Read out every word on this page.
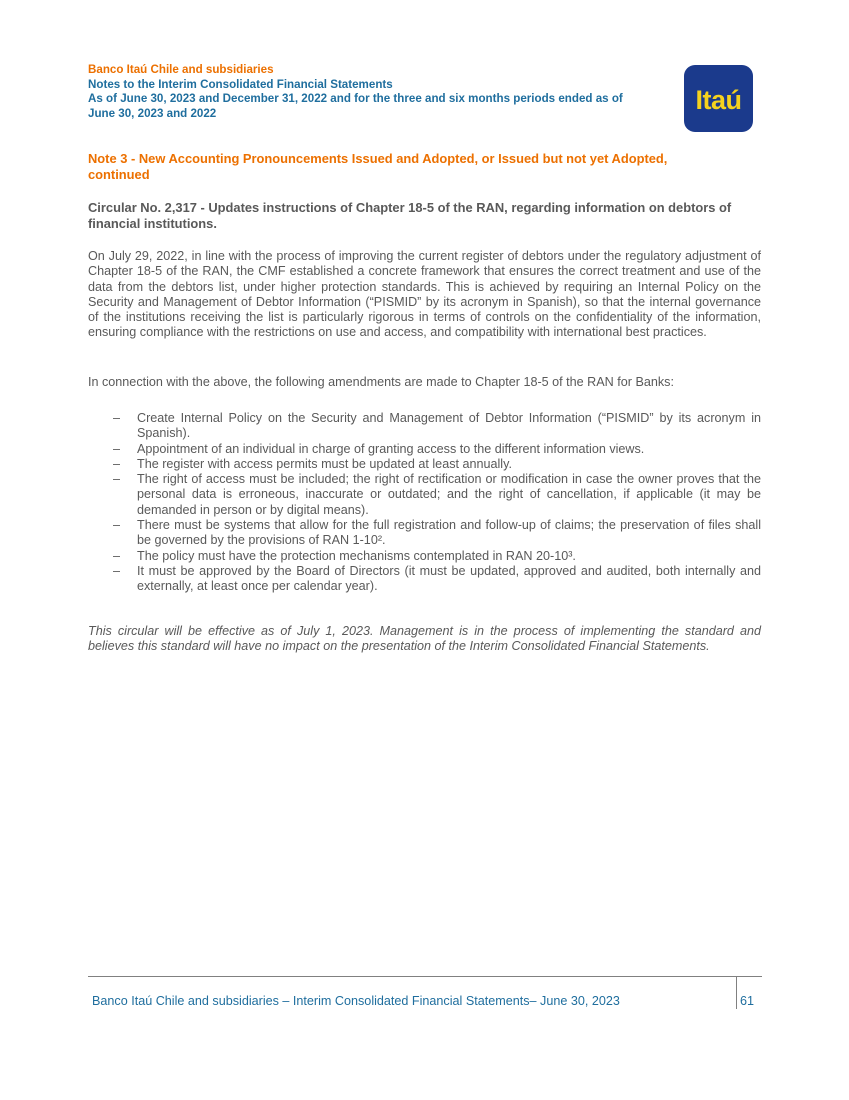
Banco Itaú Chile and subsidiaries
Notes to the Interim Consolidated Financial Statements
As of June 30, 2023 and December 31, 2022 and for the three and six months periods ended as of
June 30, 2023 and 2022	Itaú
Note 3 - New Accounting Pronouncements Issued and Adopted, or Issued but not yet Adopted, continued
Circular No. 2,317 - Updates instructions of Chapter 18-5 of the RAN, regarding information on debtors of financial institutions.

On July 29, 2022, in line with the process of improving the current register of debtors under the regulatory adjustment of Chapter 18-5 of the RAN, the CMF established a concrete framework that ensures the correct treatment and use of the data from the debtors list, under higher protection standards. This is achieved by requiring an Internal Policy on the Security and Management of Debtor Information (“PISMID” by its acronym in Spanish), so that the internal governance of the institutions receiving the list is particularly rigorous in terms of controls on the confidentiality of the information, ensuring compliance with the restrictions on use and access, and compatibility with international best practices.

In connection with the above, the following amendments are made to Chapter 18-5 of the RAN for Banks:

– Create Internal Policy on the Security and Management of Debtor Information (“PISMID” by its acronym in Spanish).
– Appointment of an individual in charge of granting access to the different information views.
– The register with access permits must be updated at least annually.
– The right of access must be included; the right of rectification or modification in case the owner proves that the personal data is erroneous, inaccurate or outdated; and the right of cancellation, if applicable (it may be demanded in person or by digital means).
– There must be systems that allow for the full registration and follow-up of claims; the preservation of files shall be governed by the provisions of RAN 1-10².
– The policy must have the protection mechanisms contemplated in RAN 20-10³.
– It must be approved by the Board of Directors (it must be updated, approved and audited, both internally and externally, at least once per calendar year).

This circular will be effective as of July 1, 2023. Management is in the process of implementing the standard and believes this standard will have no impact on the presentation of the Interim Consolidated Financial Statements.

Banco Itaú Chile and subsidiaries – Interim Consolidated Financial Statements– June 30, 2023	61
